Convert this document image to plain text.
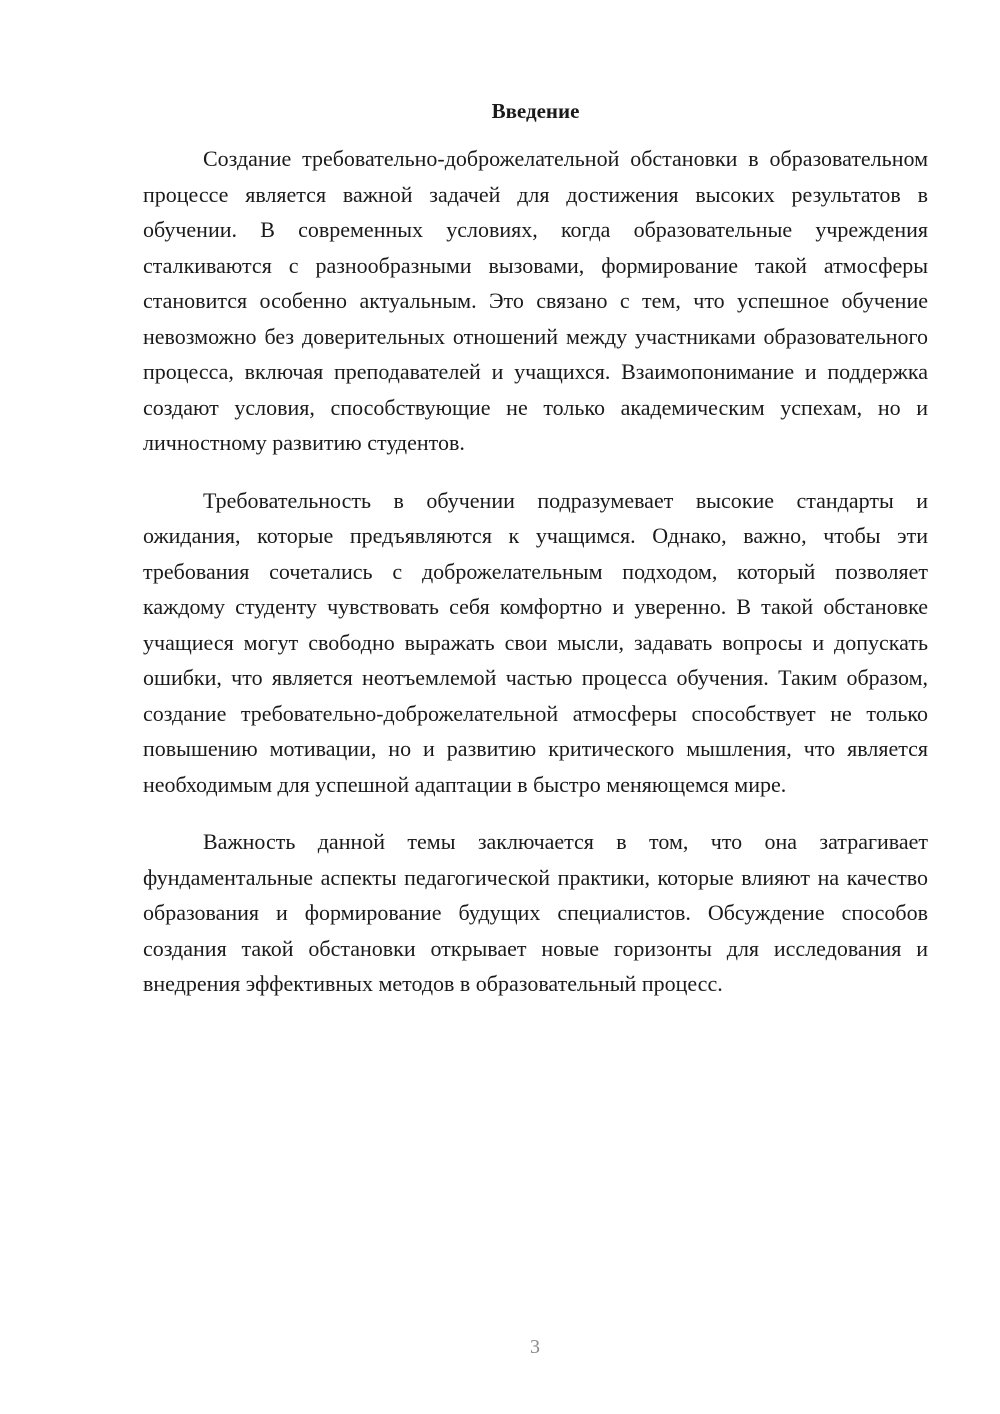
Введение

Создание требовательно-доброжелательной обстановки в образовательном процессе является важной задачей для достижения высоких результатов в обучении. В современных условиях, когда образовательные учреждения сталкиваются с разнообразными вызовами, формирование такой атмосферы становится особенно актуальным. Это связано с тем, что успешное обучение невозможно без доверительных отношений между участниками образовательного процесса, включая преподавателей и учащихся. Взаимопонимание и поддержка создают условия, способствующие не только академическим успехам, но и личностному развитию студентов.

Требовательность в обучении подразумевает высокие стандарты и ожидания, которые предъявляются к учащимся. Однако, важно, чтобы эти требования сочетались с доброжелательным подходом, который позволяет каждому студенту чувствовать себя комфортно и уверенно. В такой обстановке учащиеся могут свободно выражать свои мысли, задавать вопросы и допускать ошибки, что является неотъемлемой частью процесса обучения. Таким образом, создание требовательно-доброжелательной атмосферы способствует не только повышению мотивации, но и развитию критического мышления, что является необходимым для успешной адаптации в быстро меняющемся мире.

Важность данной темы заключается в том, что она затрагивает фундаментальные аспекты педагогической практики, которые влияют на качество образования и формирование будущих специалистов. Обсуждение способов создания такой обстановки открывает новые горизонты для исследования и внедрения эффективных методов в образовательный процесс.

3
